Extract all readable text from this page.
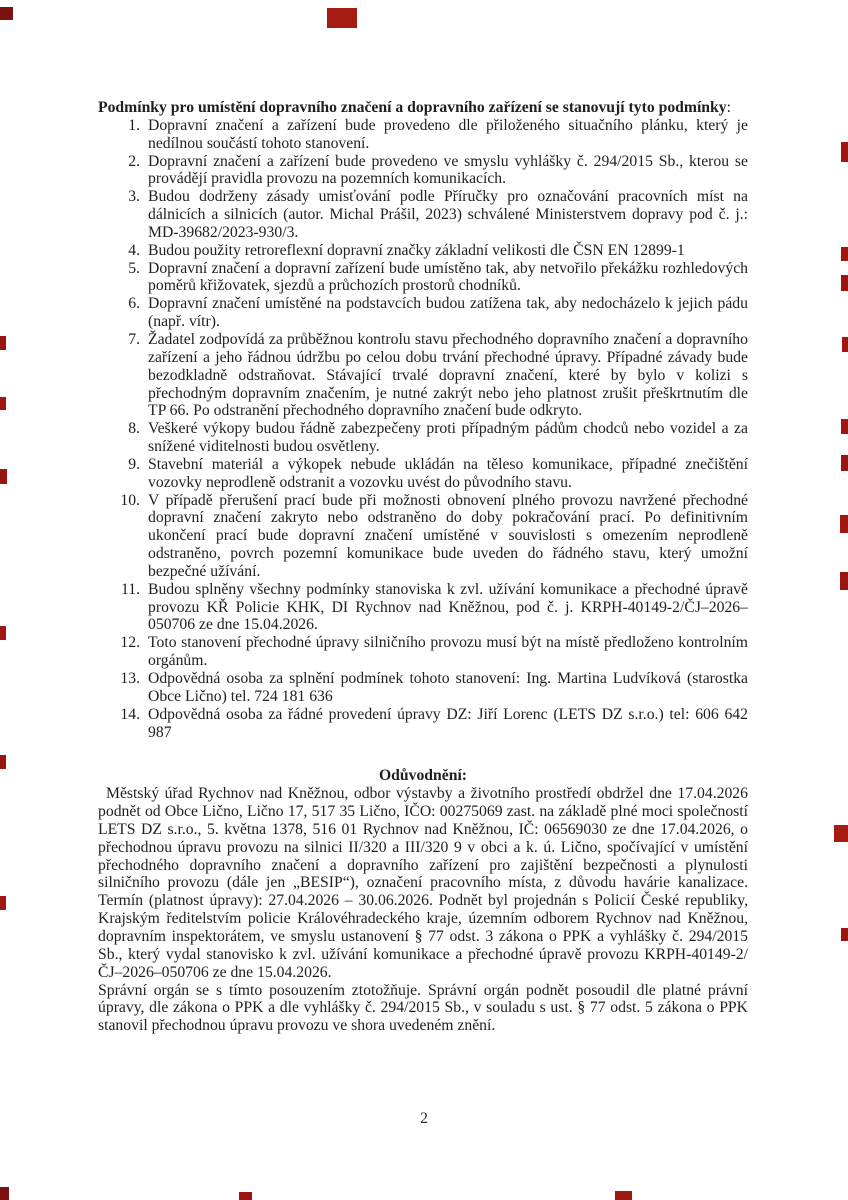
Podmínky pro umístění dopravního značení a dopravního zařízení se stanovují tyto podmínky:

1. Dopravní značení a zařízení bude provedeno dle přiloženého situačního plánku, který je nedílnou součástí tohoto stanovení.
2. Dopravní značení a zařízení bude provedeno ve smyslu vyhlášky č. 294/2015 Sb., kterou se provádějí pravidla provozu na pozemních komunikacích.
3. Budou dodrženy zásady umisťování podle Příručky pro označování pracovních míst na dálnicích a silnicích (autor. Michal Prášil, 2023) schválené Ministerstvem dopravy pod č. j.: MD-39682/2023-930/3.
4. Budou použity retroreflexní dopravní značky základní velikosti dle ČSN EN 12899-1
5. Dopravní značení a dopravní zařízení bude umístěno tak, aby netvořilo překážku rozhledových poměrů křižovatek, sjezdů a průchozích prostorů chodníků.
6. Dopravní značení umístěné na podstavcích budou zatížena tak, aby nedocházelo k jejich pádu (např. vítr).
7. Žadatel zodpovídá za průběžnou kontrolu stavu přechodného dopravního značení a dopravního zařízení a jeho řádnou údržbu po celou dobu trvání přechodné úpravy. Případné závady bude bezodkladně odstraňovat. Stávající trvalé dopravní značení, které by bylo v kolizi s přechodným dopravním značením, je nutné zakrýt nebo jeho platnost zrušit přeškrtnutím dle TP 66. Po odstranění přechodného dopravního značení bude odkryto.
8. Veškeré výkopy budou řádně zabezpečeny proti případným pádům chodců nebo vozidel a za snížené viditelnosti budou osvětleny.
9. Stavební materiál a výkopek nebude ukládán na těleso komunikace, případné znečištění vozovky neprodleně odstranit a vozovku uvést do původního stavu.
10. V případě přerušení prací bude při možnosti obnovení plného provozu navržené přechodné dopravní značení zakryto nebo odstraněno do doby pokračování prací. Po definitivním ukončení prací bude dopravní značení umístěné v souvislosti s omezením neprodleně odstraněno, povrch pozemní komunikace bude uveden do řádného stavu, který umožní bezpečné užívání.
11. Budou splněny všechny podmínky stanoviska k zvl. užívání komunikace a přechodné úpravě provozu KŘ Policie KHK, DI Rychnov nad Kněžnou, pod č. j. KRPH-40149-2/ČJ–2026–050706 ze dne 15.04.2026.
12. Toto stanovení přechodné úpravy silničního provozu musí být na místě předloženo kontrolním orgánům.
13. Odpovědná osoba za splnění podmínek tohoto stanovení: Ing. Martina Ludvíková (starostka Obce Lično) tel. 724 181 636
14. Odpovědná osoba za řádné provedení úpravy DZ: Jiří Lorenc (LETS DZ s.r.o.) tel: 606 642 987

Odůvodnění:

Městský úřad Rychnov nad Kněžnou, odbor výstavby a životního prostředí obdržel dne 17.04.2026 podnět od Obce Lično, Lično 17, 517 35 Lično, IČO: 00275069 zast. na základě plné moci společností LETS DZ s.r.o., 5. května 1378, 516 01 Rychnov nad Kněžnou, IČ: 06569030 ze dne 17.04.2026, o přechodnou úpravu provozu na silnici II/320 a III/320 9 v obci a k. ú. Lično, spočívající v umístění přechodného dopravního značení a dopravního zařízení pro zajištění bezpečnosti a plynulosti silničního provozu (dále jen „BESIP“), označení pracovního místa, z důvodu havárie kanalizace. Termín (platnost úpravy): 27.04.2026 – 30.06.2026. Podnět byl projednán s Policií České republiky, Krajským ředitelstvím policie Královéhradeckého kraje, územním odborem Rychnov nad Kněžnou, dopravním inspektorátem, ve smyslu ustanovení § 77 odst. 3 zákona o PPK a vyhlášky č. 294/2015 Sb., který vydal stanovisko k zvl. užívání komunikace a přechodné úpravě provozu KRPH-40149-2/ČJ–2026–050706 ze dne 15.04.2026.

Správní orgán se s tímto posouzením ztotožňuje. Správní orgán podnět posoudil dle platné právní úpravy, dle zákona o PPK a dle vyhlášky č. 294/2015 Sb., v souladu s ust. § 77 odst. 5 zákona o PPK stanovil přechodnou úpravu provozu ve shora uvedeném znění.

2
